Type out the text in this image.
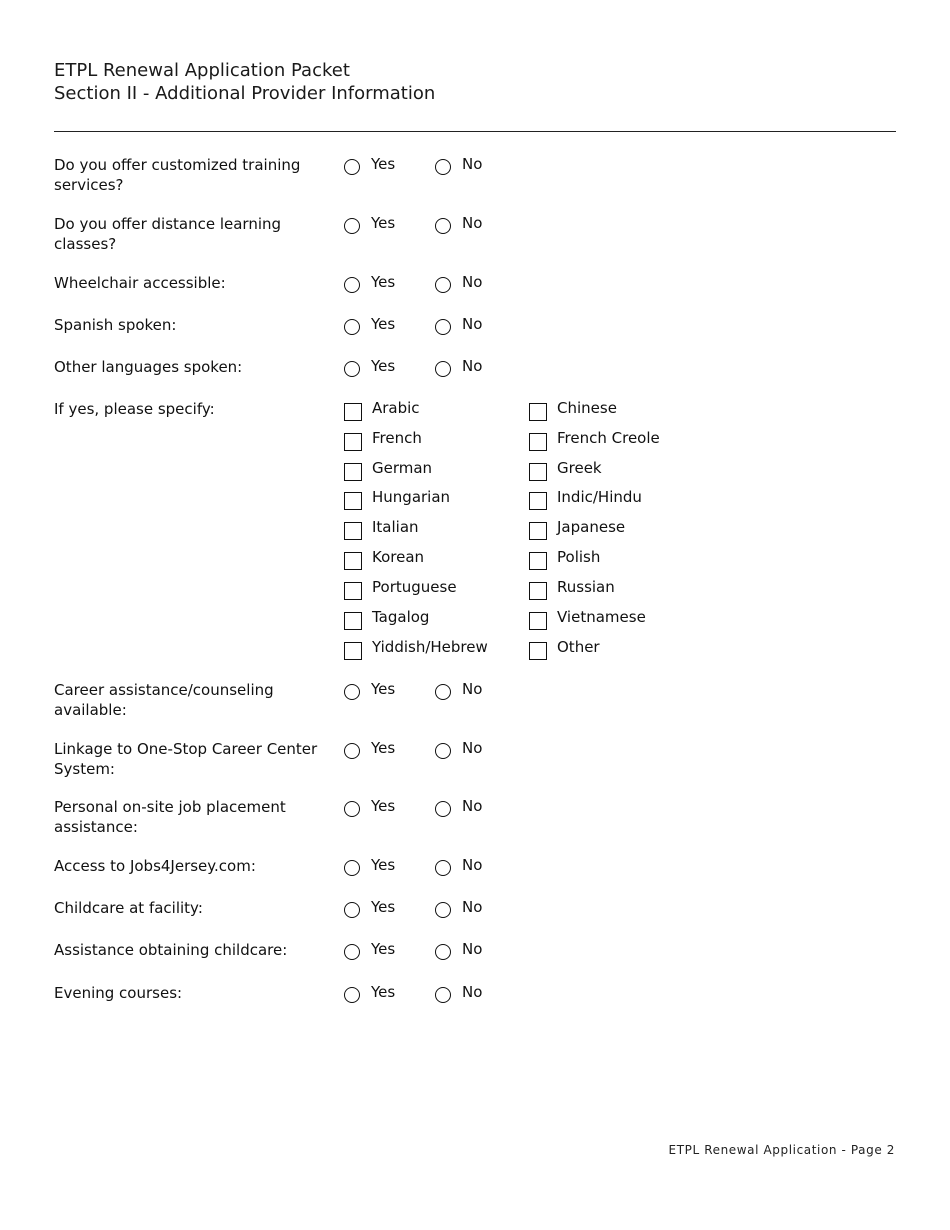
ETPL Renewal Application Packet
Section II - Additional Provider Information
Do you offer customized training services?
Yes	No
Do you offer distance learning classes?
Yes	No
Wheelchair accessible:	Yes	No
Spanish spoken:	Yes	No
Other languages spoken:	Yes	No
If yes, please specify:	Arabic	Chinese
French	French Creole
German	Greek
Hungarian	Indic/Hindu
Italian	Japanese
Korean	Polish
Portuguese	Russian
Tagalog	Vietnamese
Yiddish/Hebrew	Other
Career assistance/counseling available:
Yes	No
Linkage to One-Stop Career Center System:
Yes	No
Personal on-site job placement assistance:
Yes	No
Access to Jobs4Jersey.com:	Yes	No
Childcare at facility:	Yes	No
Assistance obtaining childcare:	Yes	No
Evening courses:	Yes	No
ETPL Renewal Application - Page 2
